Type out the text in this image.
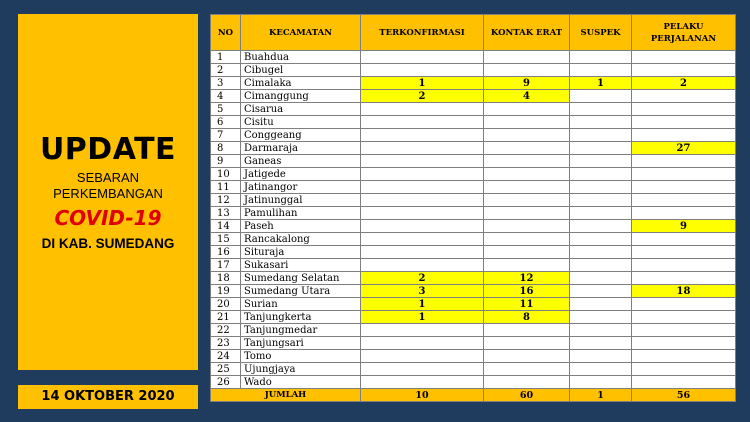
UPDATE
SEBARAN
PERKEMBANGAN
COVID-19
DI KAB. SUMEDANG
14 OKTOBER 2020
NO	KECAMATAN	TERKONFIRMASI	KONTAK ERAT	SUSPEK	PELAKU PERJALANAN
1	Buahdua				
2	Cibugel				
3	Cimalaka	1	9	1	2
4	Cimanggung	2	4		
5	Cisarua				
6	Cisitu				
7	Conggeang				
8	Darmaraja				27
9	Ganeas				
10	Jatigede				
11	Jatinangor				
12	Jatinunggal				
13	Pamulihan				
14	Paseh				9
15	Rancakalong				
16	Situraja				
17	Sukasari				
18	Sumedang Selatan	2	12		
19	Sumedang Utara	3	16		18
20	Surian	1	11		
21	Tanjungkerta	1	8		
22	Tanjungmedar				
23	Tanjungsari				
24	Tomo				
25	Ujungjaya				
26	Wado				
JUMLAH		10	60	1	56
